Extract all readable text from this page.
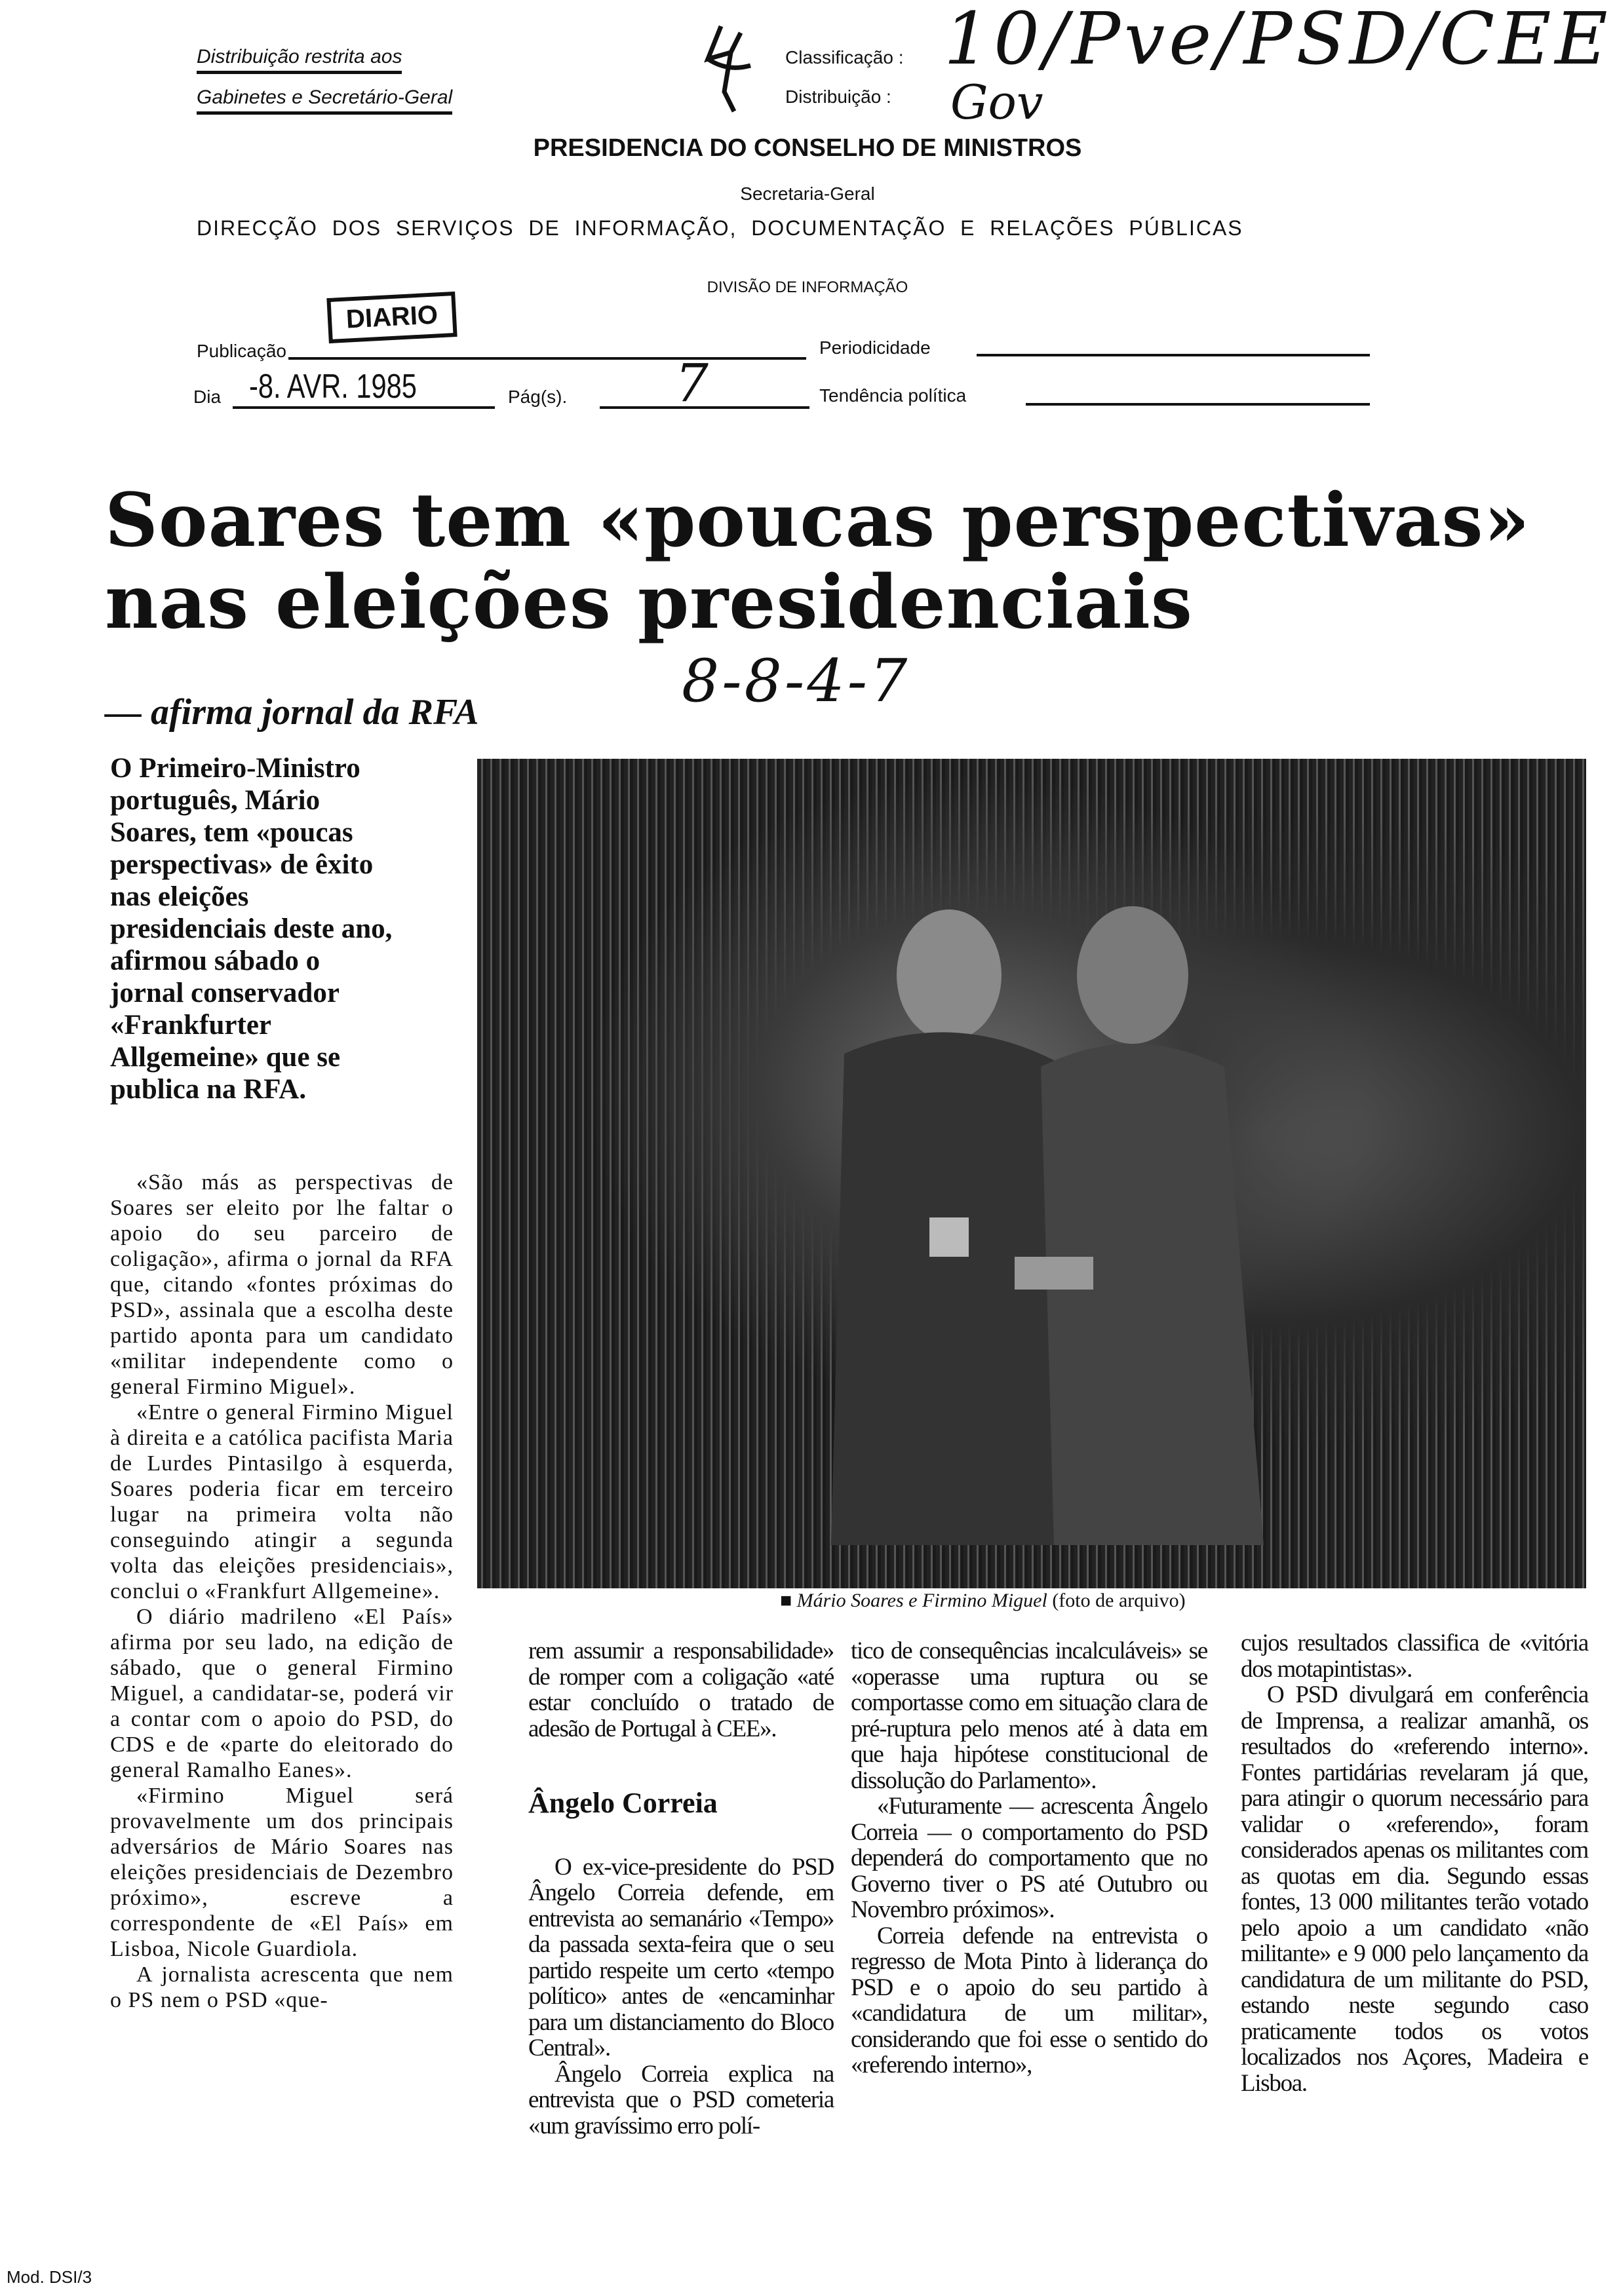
Distribuição restrita aos
Gabinetes e Secretário-Geral
Classificação :
Distribuição :
10/Pve/PSD/CEE
Gov
PRESIDENCIA DO CONSELHO DE MINISTROS
Secretaria-Geral
DIRECÇÃO  DOS  SERVIÇOS  DE  INFORMAÇÃO,  DOCUMENTAÇÃO  E  RELAÇÕES  PÚBLICAS
DIVISÃO DE INFORMAÇÃO
DIARIO
Publicação	Periodicidade
Dia -8. AVR. 1985	Pág(s). 7	Tendência política
Soares tem «poucas perspectivas»
nas eleições presidenciais
8-8-4-7
— afirma jornal da RFA
O Primeiro-Ministro português, Mário Soares, tem «poucas perspectivas» de êxito nas eleições presidenciais deste ano, afirmou sábado o jornal conservador «Frankfurter Allgemeine» que se publica na RFA.
■ Mário Soares e Firmino Miguel (foto de arquivo)

«São más as perspectivas de Soares ser eleito por lhe faltar o apoio do seu parceiro de coligação», afirma o jornal da RFA que, citando «fontes próximas do PSD», assinala que a escolha deste partido aponta para um candidato «militar independente como o general Firmino Miguel».

«Entre o general Firmino Miguel à direita e a católica pacifista Maria de Lurdes Pintasilgo à esquerda, Soares poderia ficar em terceiro lugar na primeira volta não conseguindo atingir a segunda volta das eleições presidenciais», conclui o «Frankfurt Allgemeine».

O diário madrileno «El País» afirma por seu lado, na edição de sábado, que o general Firmino Miguel, a candidatar-se, poderá vir a contar com o apoio do PSD, do CDS e de «parte do eleitorado do general Ramalho Eanes».

«Firmino Miguel será provavelmente um dos principais adversários de Mário Soares nas eleições presidenciais de Dezembro próximo», escreve a correspondente de «El País» em Lisboa, Nicole Guardiola.

A jornalista acrescenta que nem o PS nem o PSD «que-

rem assumir a responsabilidade» de romper com a coligação «até estar concluído o tratado de adesão de Portugal à CEE».

Ângelo Correia

O ex-vice-presidente do PSD Ângelo Correia defende, em entrevista ao semanário «Tempo» da passada sexta-feira que o seu partido respeite um certo «tempo político» antes de «encaminhar para um distanciamento do Bloco Central».

Ângelo Correia explica na entrevista que o PSD cometeria «um gravíssimo erro polí-

tico de consequências incalculáveis» se «operasse uma ruptura ou se comportasse como em situação clara de pré-ruptura pelo menos até à data em que haja hipótese constitucional de dissolução do Parlamento».

«Futuramente — acrescenta Ângelo Correia — o comportamento do PSD dependerá do comportamento que no Governo tiver o PS até Outubro ou Novembro próximos».

Correia defende na entrevista o regresso de Mota Pinto à liderança do PSD e o apoio do seu partido à «candidatura de um militar», considerando que foi esse o sentido do «referendo interno»,

cujos resultados classifica de «vitória dos motapintistas».

O PSD divulgará em conferência de Imprensa, a realizar amanhã, os resultados do «referendo interno». Fontes partidárias revelaram já que, para atingir o quorum necessário para validar o «referendo», foram considerados apenas os militantes com as quotas em dia. Segundo essas fontes, 13 000 militantes terão votado pelo apoio a um candidato «não militante» e 9 000 pelo lançamento da candidatura de um militante do PSD, estando neste segundo caso praticamente todos os votos localizados nos Açores, Madeira e Lisboa.

Mod. DSI/3
